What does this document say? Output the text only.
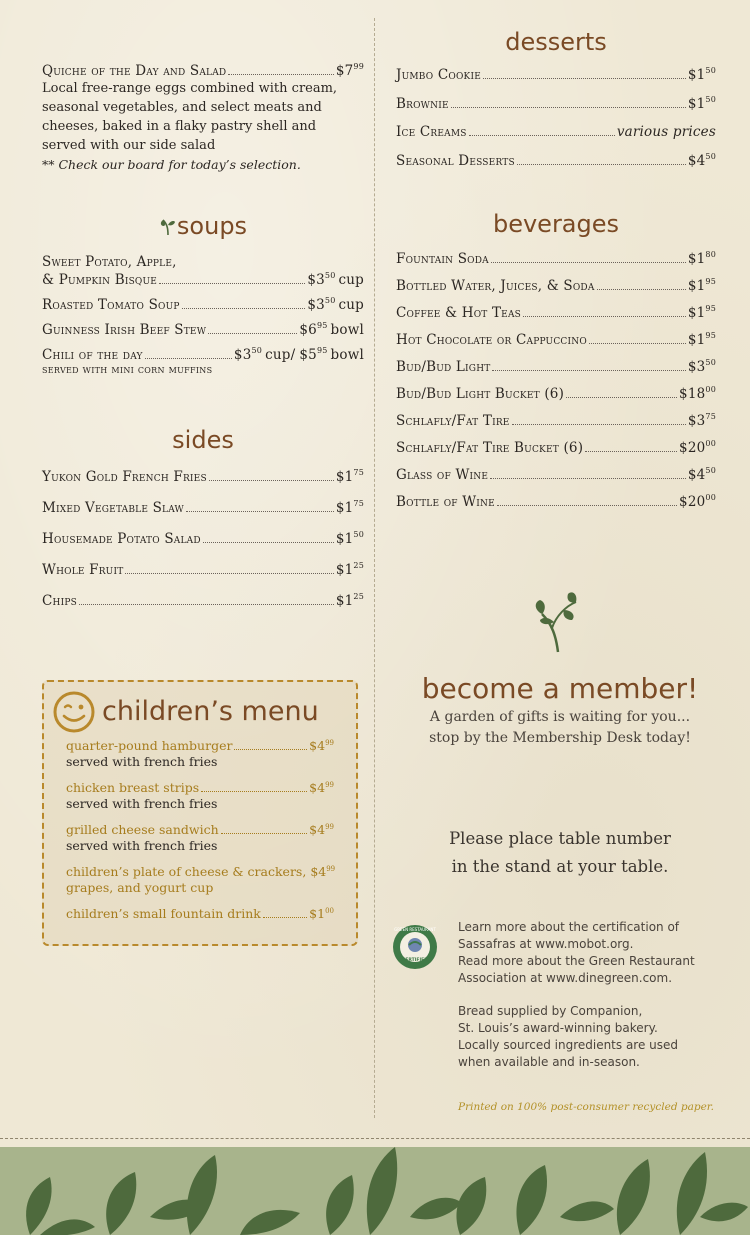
Quiche of the Day and Salad	$\$7^{99}$
Local free-range eggs combined with cream,
seasonal vegetables, and select meats and
cheeses, baked in a flaky pastry shell and
served with our side salad
** Check our board for today’s selection.
soups
Sweet Potato, Apple,
& Pumpkin Bisque	$\$3^{50}$ cup
Roasted Tomato Soup	$\$3^{50}$ cup
Guinness Irish Beef Stew	$\$6^{95}$ bowl
Chili of the day	$\$3^{50}$ cup/ $\$5^{95}$ bowl
served with mini corn muffins
sides
Yukon Gold French Fries	$\$1^{75}$
Mixed Vegetable Slaw	$\$1^{75}$
Housemade Potato Salad	$\$1^{50}$
Whole Fruit	$\$1^{25}$
Chips	$\$1^{25}$
children’s menu
quarter-pound hamburger	$\$4^{99}$
served with french fries
chicken breast strips	$\$4^{99}$
served with french fries
grilled cheese sandwich	$\$4^{99}$
served with french fries
children’s plate of cheese & crackers, $\$4^{99}$
grapes, and yogurt cup
children’s small fountain drink	$\$1^{00}$
desserts
Jumbo Cookie	$\$1^{50}$
Brownie	$\$1^{50}$
Ice Creams	various prices
Seasonal Desserts	$\$4^{50}$
beverages
Fountain Soda	$\$1^{80}$
Bottled Water, Juices, & Soda	$\$1^{95}$
Coffee & Hot Teas	$\$1^{95}$
Hot Chocolate or Cappuccino	$\$1^{95}$
Bud/Bud Light	$\$3^{50}$
Bud/Bud Light Bucket (6)	$\$18^{00}$
Schlafly/Fat Tire	$\$3^{75}$
Schlafly/Fat Tire Bucket (6)	$\$20^{00}$
Glass of Wine	$\$4^{50}$
Bottle of Wine	$\$20^{00}$
become a member!
A garden of gifts is waiting for you...
stop by the Membership Desk today!
Please place table number
in the stand at your table.
GREEN RESTAURANT
CERTIFIED
Learn more about the certification of
Sassafras at www.mobot.org.
Read more about the Green Restaurant
Association at www.dinegreen.com.
Bread supplied by Companion,
St. Louis’s award-winning bakery.
Locally sourced ingredients are used
when available and in-season.
Printed on 100% post-consumer recycled paper.
